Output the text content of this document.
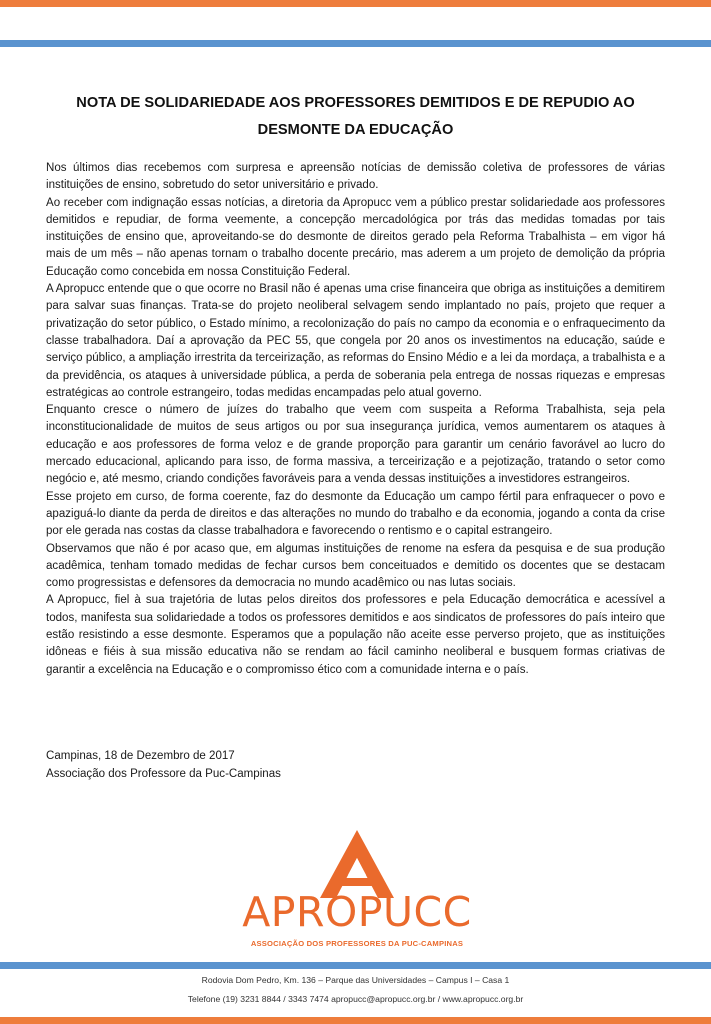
NOTA DE SOLIDARIEDADE AOS PROFESSORES DEMITIDOS E DE REPUDIO AO
DESMONTE DA EDUCAÇÃO

Nos últimos dias recebemos com surpresa e apreensão notícias de demissão coletiva de professores de várias instituições de ensino, sobretudo do setor universitário e privado.

Ao receber com indignação essas notícias, a diretoria da Apropucc vem a público prestar solidariedade aos professores demitidos e repudiar, de forma veemente, a concepção mercadológica por trás das medidas tomadas por tais instituições de ensino que, aproveitando-se do desmonte de direitos gerado pela Reforma Trabalhista – em vigor há mais de um mês – não apenas tornam o trabalho docente precário, mas aderem a um projeto de demolição da própria Educação como concebida em nossa Constituição Federal.

A Apropucc entende que o que ocorre no Brasil não é apenas uma crise financeira que obriga as instituições a demitirem para salvar suas finanças. Trata-se do projeto neoliberal selvagem sendo implantado no país, projeto que requer a privatização do setor público, o Estado mínimo, a recolonização do país no campo da economia e o enfraquecimento da classe trabalhadora. Daí a aprovação da PEC 55, que congela por 20 anos os investimentos na educação, saúde e serviço público, a ampliação irrestrita da terceirização, as reformas do Ensino Médio e a lei da mordaça, a trabalhista e a da previdência, os ataques à universidade pública, a perda de soberania pela entrega de nossas riquezas e empresas estratégicas ao controle estrangeiro, todas medidas encampadas pelo atual governo.

Enquanto cresce o número de juízes do trabalho que veem com suspeita a Reforma Trabalhista, seja pela inconstitucionalidade de muitos de seus artigos ou por sua insegurança jurídica, vemos aumentarem os ataques à educação e aos professores de forma veloz e de grande proporção para garantir um cenário favorável ao lucro do mercado educacional, aplicando para isso, de forma massiva, a terceirização e a pejotização, tratando o setor como negócio e, até mesmo, criando condições favoráveis para a venda dessas instituições a investidores estrangeiros.

Esse projeto em curso, de forma coerente, faz do desmonte da Educação um campo fértil para enfraquecer o povo e apaziguá-lo diante da perda de direitos e das alterações no mundo do trabalho e da economia, jogando a conta da crise por ele gerada nas costas da classe trabalhadora e favorecendo o rentismo e o capital estrangeiro.

Observamos que não é por acaso que, em algumas instituições de renome na esfera da pesquisa e de sua produção acadêmica, tenham tomado medidas de fechar cursos bem conceituados e demitido os docentes que se destacam como progressistas e defensores da democracia no mundo acadêmico ou nas lutas sociais.

A Apropucc, fiel à sua trajetória de lutas pelos direitos dos professores e pela Educação democrática e acessível a todos, manifesta sua solidariedade a todos os professores demitidos e aos sindicatos de professores do país inteiro que estão resistindo a esse desmonte. Esperamos que a população não aceite esse perverso projeto, que as instituições idôneas e fiéis à sua missão educativa não se rendam ao fácil caminho neoliberal e busquem formas criativas de garantir a excelência na Educação e o compromisso ético com a comunidade interna e o país.

Campinas, 18 de Dezembro de 2017
Associação dos Professore da Puc-Campinas
APROPUCC
ASSOCIAÇÃO DOS PROFESSORES DA PUC-CAMPINAS
Rodovia Dom Pedro, Km. 136 – Parque das Universidades – Campus I – Casa 1
Telefone (19) 3231 8844 / 3343 7474 apropucc@apropucc.org.br / www.apropucc.org.br
